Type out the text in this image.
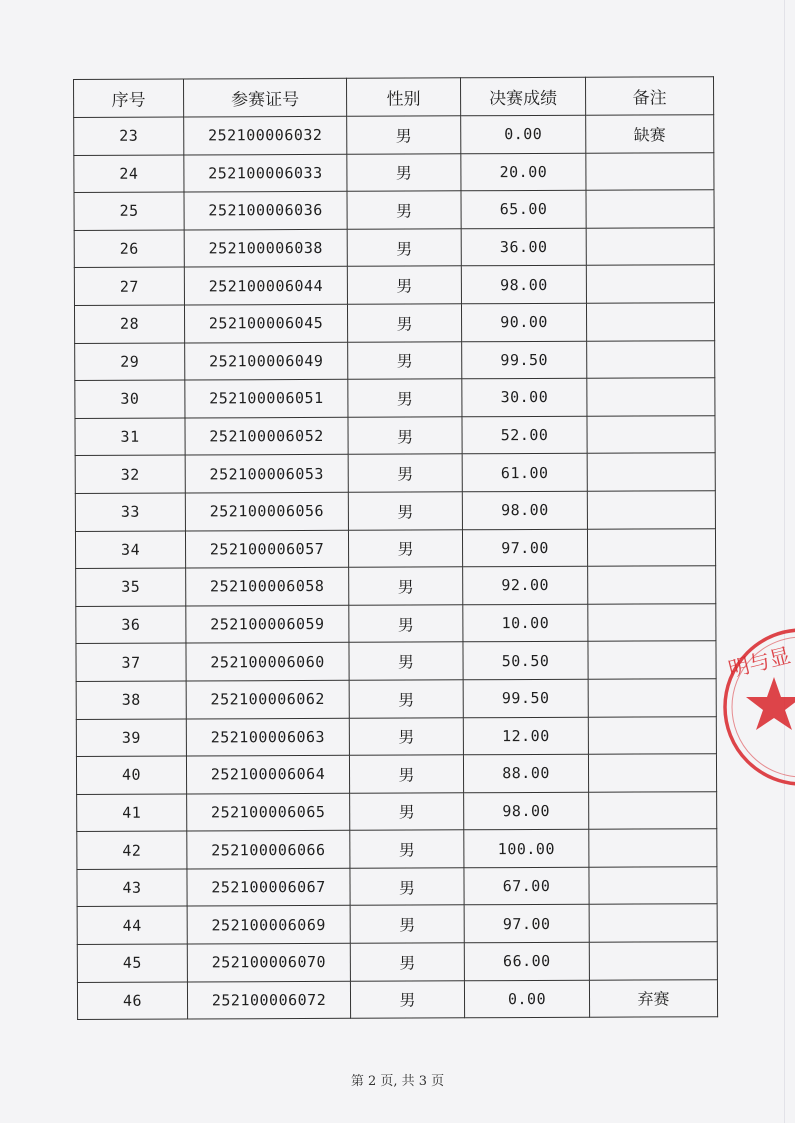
序号	参赛证号	性别	决赛成绩	备注
23	252100006032	男	0.00	缺赛
24	252100006033	男	20.00	
25	252100006036	男	65.00	
26	252100006038	男	36.00	
27	252100006044	男	98.00	
28	252100006045	男	90.00	
29	252100006049	男	99.50	
30	252100006051	男	30.00	
31	252100006052	男	52.00	
32	252100006053	男	61.00	
33	252100006056	男	98.00	
34	252100006057	男	97.00	
35	252100006058	男	92.00	
36	252100006059	男	10.00	
37	252100006060	男	50.50	
38	252100006062	男	99.50	
39	252100006063	男	12.00	
40	252100006064	男	88.00	
41	252100006065	男	98.00	
42	252100006066	男	100.00	
43	252100006067	男	67.00	
44	252100006069	男	97.00	
45	252100006070	男	66.00	
46	252100006072	男	0.00	弃赛
明与显
第 2 页, 共 3 页
